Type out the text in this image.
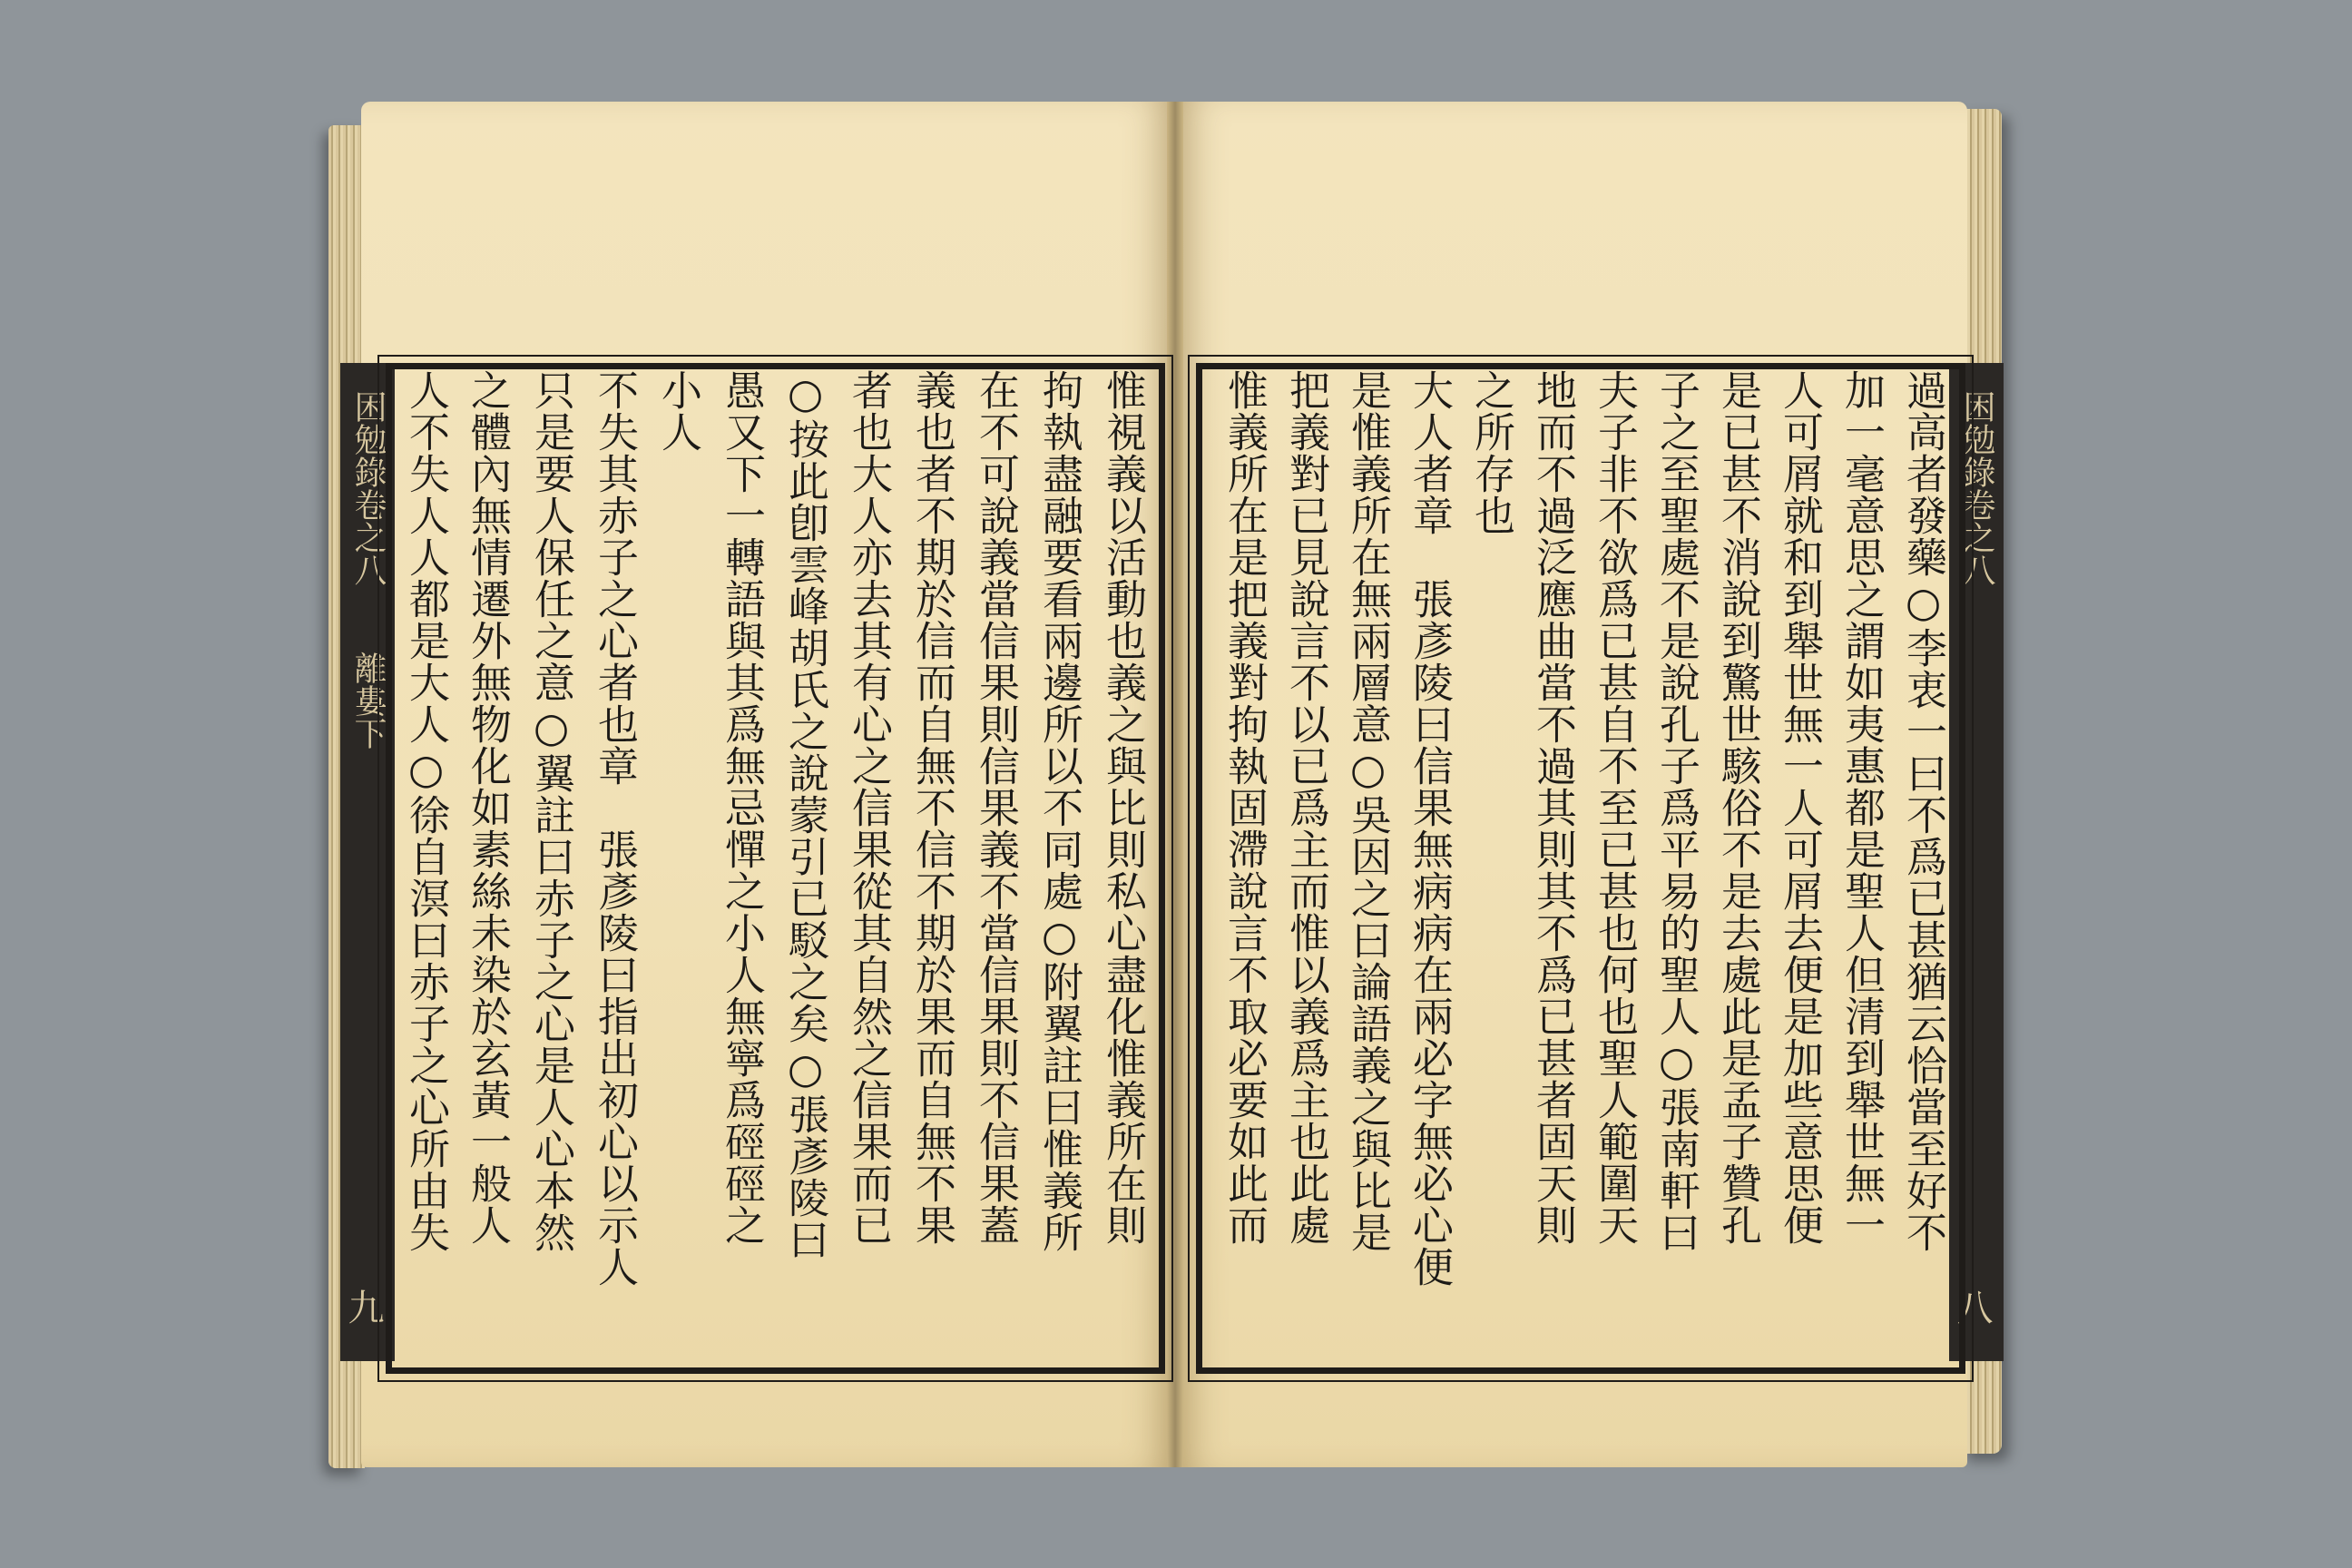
困勉錄卷之八　　離婁下
九
困勉錄卷之八
八
惟視義以活動也義之與比則私心盡化惟義所在則
拘執盡融要看兩邊所以不同處○附翼註曰惟義所
在不可說義當信果則信果義不當信果則不信果蓋
義也者不期於信而自無不信不期於果而自無不果
者也大人亦去其有心之信果從其自然之信果而已
○按此卽雲峰胡氏之說蒙引已駁之矣○張彥陵曰
愚又下一轉語與其爲無忌憚之小人無寧爲硜硜之
小人
不失其赤子之心者也章　張彥陵曰指出初心以示人
只是要人保任之意○翼註曰赤子之心是人心本然
之體內無情遷外無物化如素絲未染於玄黃一般人
人不失人人都是大人○徐自溟曰赤子之心所由失	過高者發藥○李衷一曰不爲已甚猶云恰當至好不
加一毫意思之謂如夷惠都是聖人但清到舉世無一
人可屑就和到舉世無一人可屑去便是加些意思便
是已甚不消說到驚世駭俗不是去處此是孟子贊孔
子之至聖處不是說孔子爲平易的聖人○張南軒曰
夫子非不欲爲已甚自不至已甚也何也聖人範圍天
地而不過泛應曲當不過其則其不爲已甚者固天則
之所存也
大人者章　張彥陵曰信果無病病在兩必字無必心便
是惟義所在無兩層意○吳因之曰論語義之與比是
把義對已見說言不以已爲主而惟以義爲主也此處
惟義所在是把義對拘執固滯說言不取必要如此而
